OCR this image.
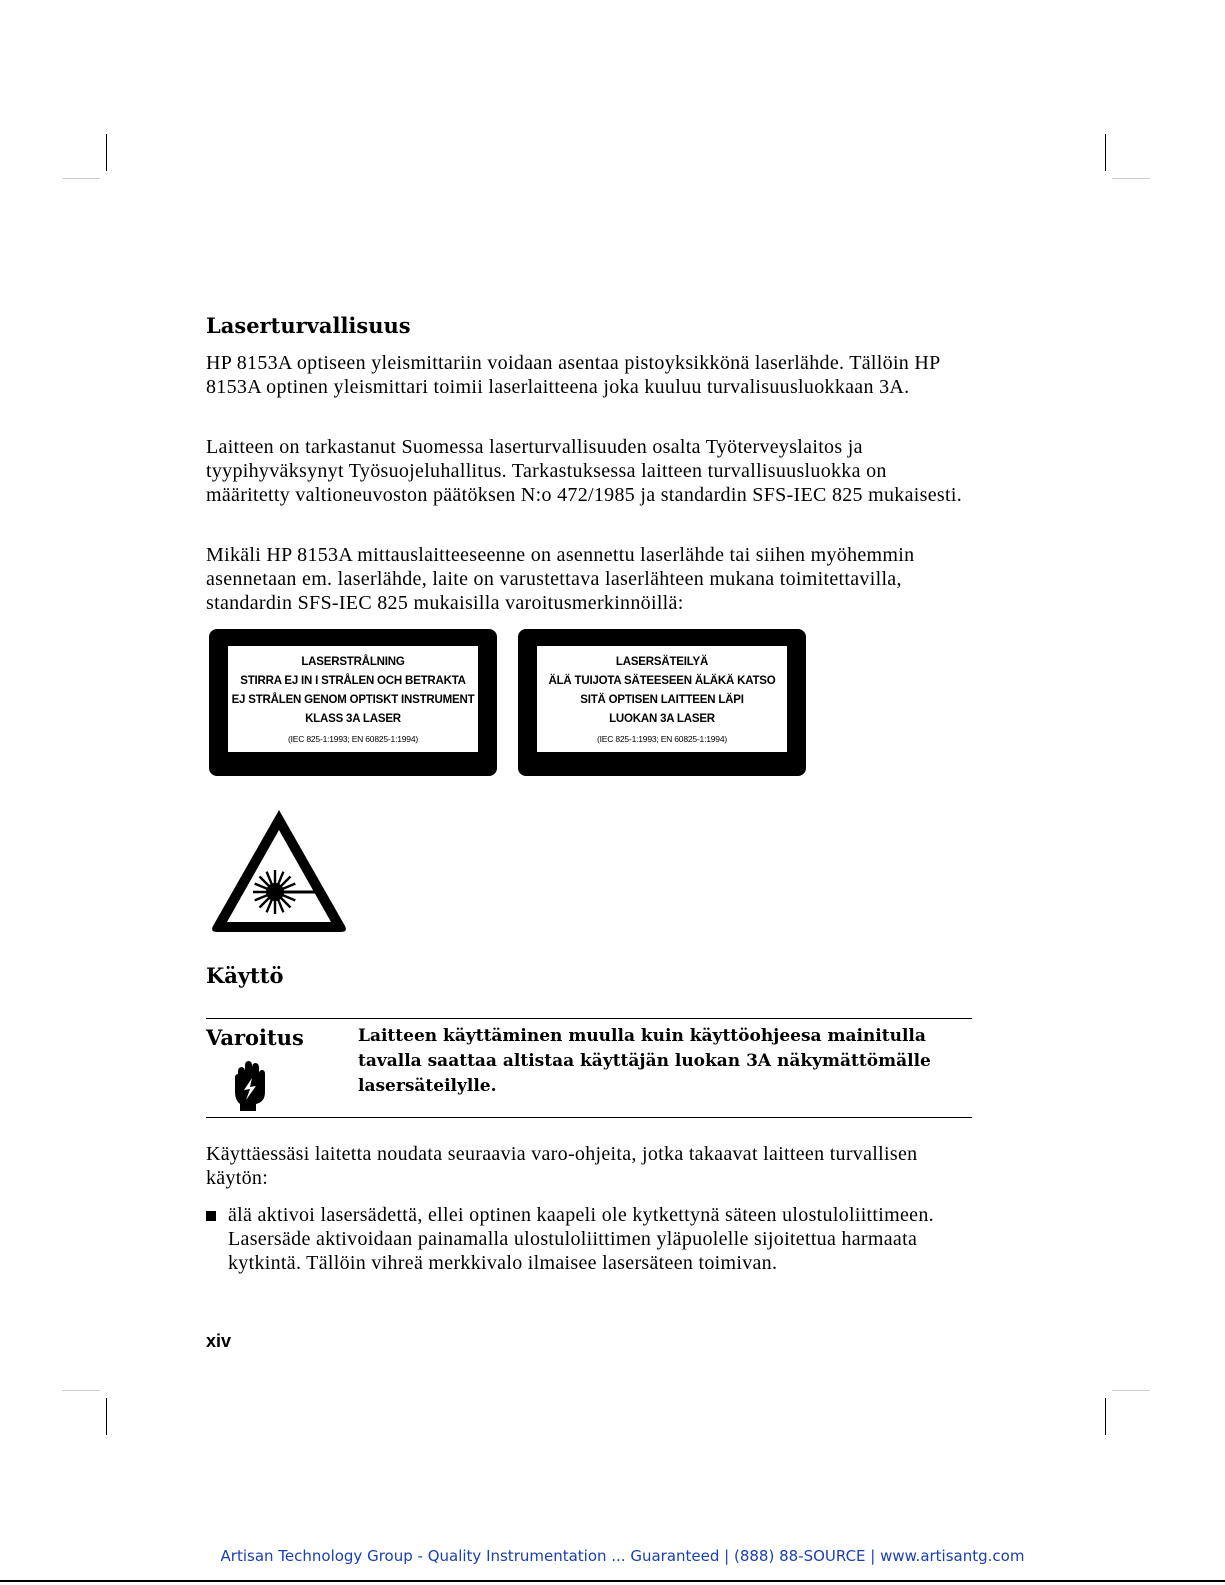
Laserturvallisuus

HP 8153A optiseen yleismittariin voidaan asentaa pistoyksikkönä laserlähde. Tällöin HP 8153A optinen yleismittari toimii laserlaitteena joka kuuluu turvalisuusluokkaan 3A.

Laitteen on tarkastanut Suomessa laserturvallisuuden osalta Työterveyslaitos ja tyypihyväksynyt Työsuojeluhallitus. Tarkastuksessa laitteen turvallisuusluokka on määritetty valtioneuvoston päätöksen N:o 472/1985 ja standardin SFS-IEC 825 mukaisesti.

Mikäli HP 8153A mittauslaitteeseenne on asennettu laserlähde tai siihen myöhemmin asennetaan em. laserlähde, laite on varustettava laserlähteen mukana toimitettavilla, standardin SFS-IEC 825 mukaisilla varoitusmerkinnöillä:

LASERSTRÅLNING
STIRRA EJ IN I STRÅLEN OCH BETRAKTA
EJ STRÅLEN GENOM OPTISKT INSTRUMENT
KLASS 3A LASER
(IEC 825-1:1993; EN 60825-1:1994)
LASERSÄTEILYÄ
ÄLÄ TUIJOTA SÄTEESEEN ÄLÄKÄ KATSO
SITÄ OPTISEN LAITTEEN LÄPI
LUOKAN 3A LASER
(IEC 825-1:1993; EN 60825-1:1994)
Käyttö
Varoitus	Laitteen käyttäminen muulla kuin käyttöohjeesa mainitulla tavalla saattaa altistaa käyttäjän luokan 3A näkymättömälle lasersäteilylle.

Käyttäessäsi laitetta noudata seuraavia varo-ohjeita, jotka takaavat laitteen turvallisen käytön:

älä aktivoi lasersädettä, ellei optinen kaapeli ole kytkettynä säteen ulostuloliittimeen. Lasersäde aktivoidaan painamalla ulostuloliittimen yläpuolelle sijoitettua harmaata kytkintä. Tällöin vihreä merkkivalo ilmaisee lasersäteen toimivan.
xiv
Artisan Technology Group - Quality Instrumentation ... Guaranteed | (888) 88-SOURCE | www.artisantg.com
